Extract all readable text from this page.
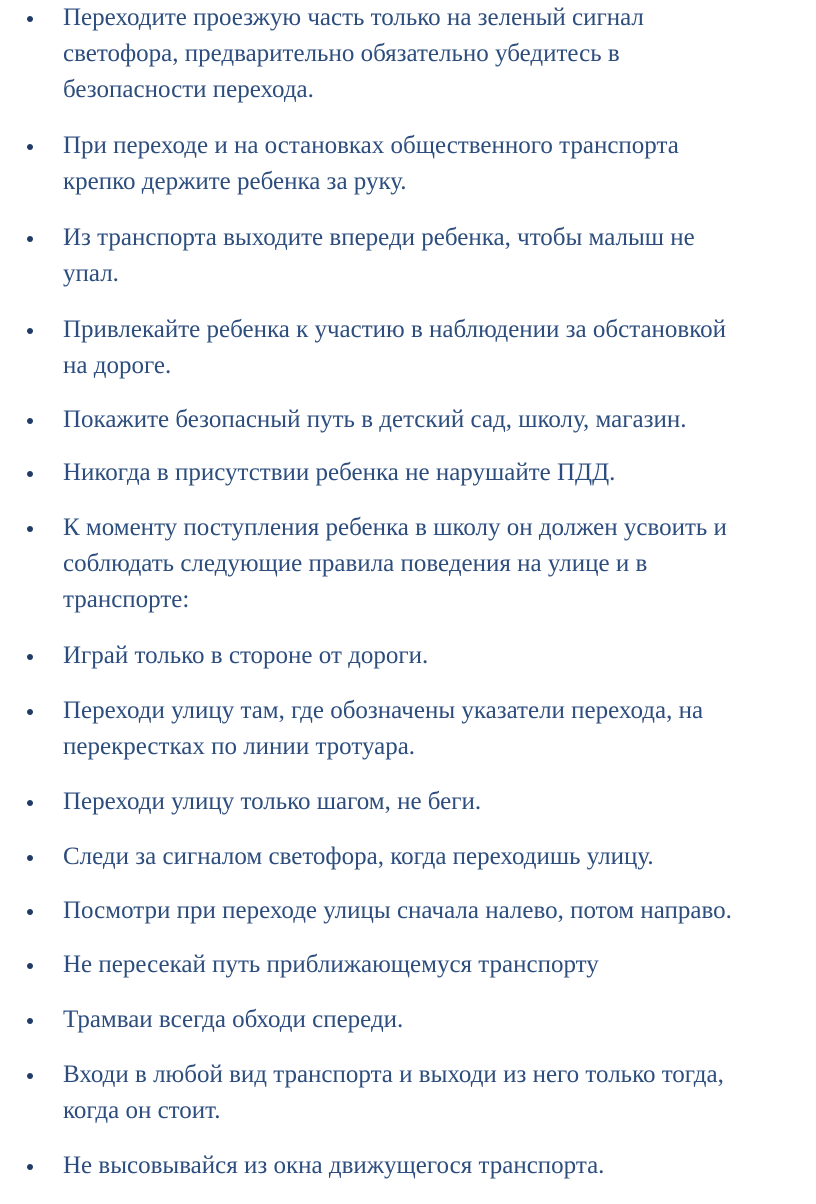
Переходите проезжую часть только на зеленый сигнал
светофора, предварительно обязательно убедитесь в
безопасности перехода.

При переходе и на остановках общественного транспорта
крепко держите ребенка за руку.

Из транспорта выходите впереди ребенка, чтобы малыш не
упал.

Привлекайте ребенка к участию в наблюдении за обстановкой
на дороге.

Покажите безопасный путь в детский сад, школу, магазин.

Никогда в присутствии ребенка не нарушайте ПДД.

К моменту поступления ребенка в школу он должен усвоить и
соблюдать следующие правила поведения на улице и в
транспорте:

Играй только в стороне от дороги.

Переходи улицу там, где обозначены указатели перехода, на
перекрестках по линии тротуара.

Переходи улицу только шагом, не беги.

Следи за сигналом светофора, когда переходишь улицу.

Посмотри при переходе улицы сначала налево, потом направо.

Не пересекай путь приближающемуся транспорту

Трамваи всегда обходи спереди.

Входи в любой вид транспорта и выходи из него только тогда,
когда он стоит.

Не высовывайся из окна движущегося транспорта.
